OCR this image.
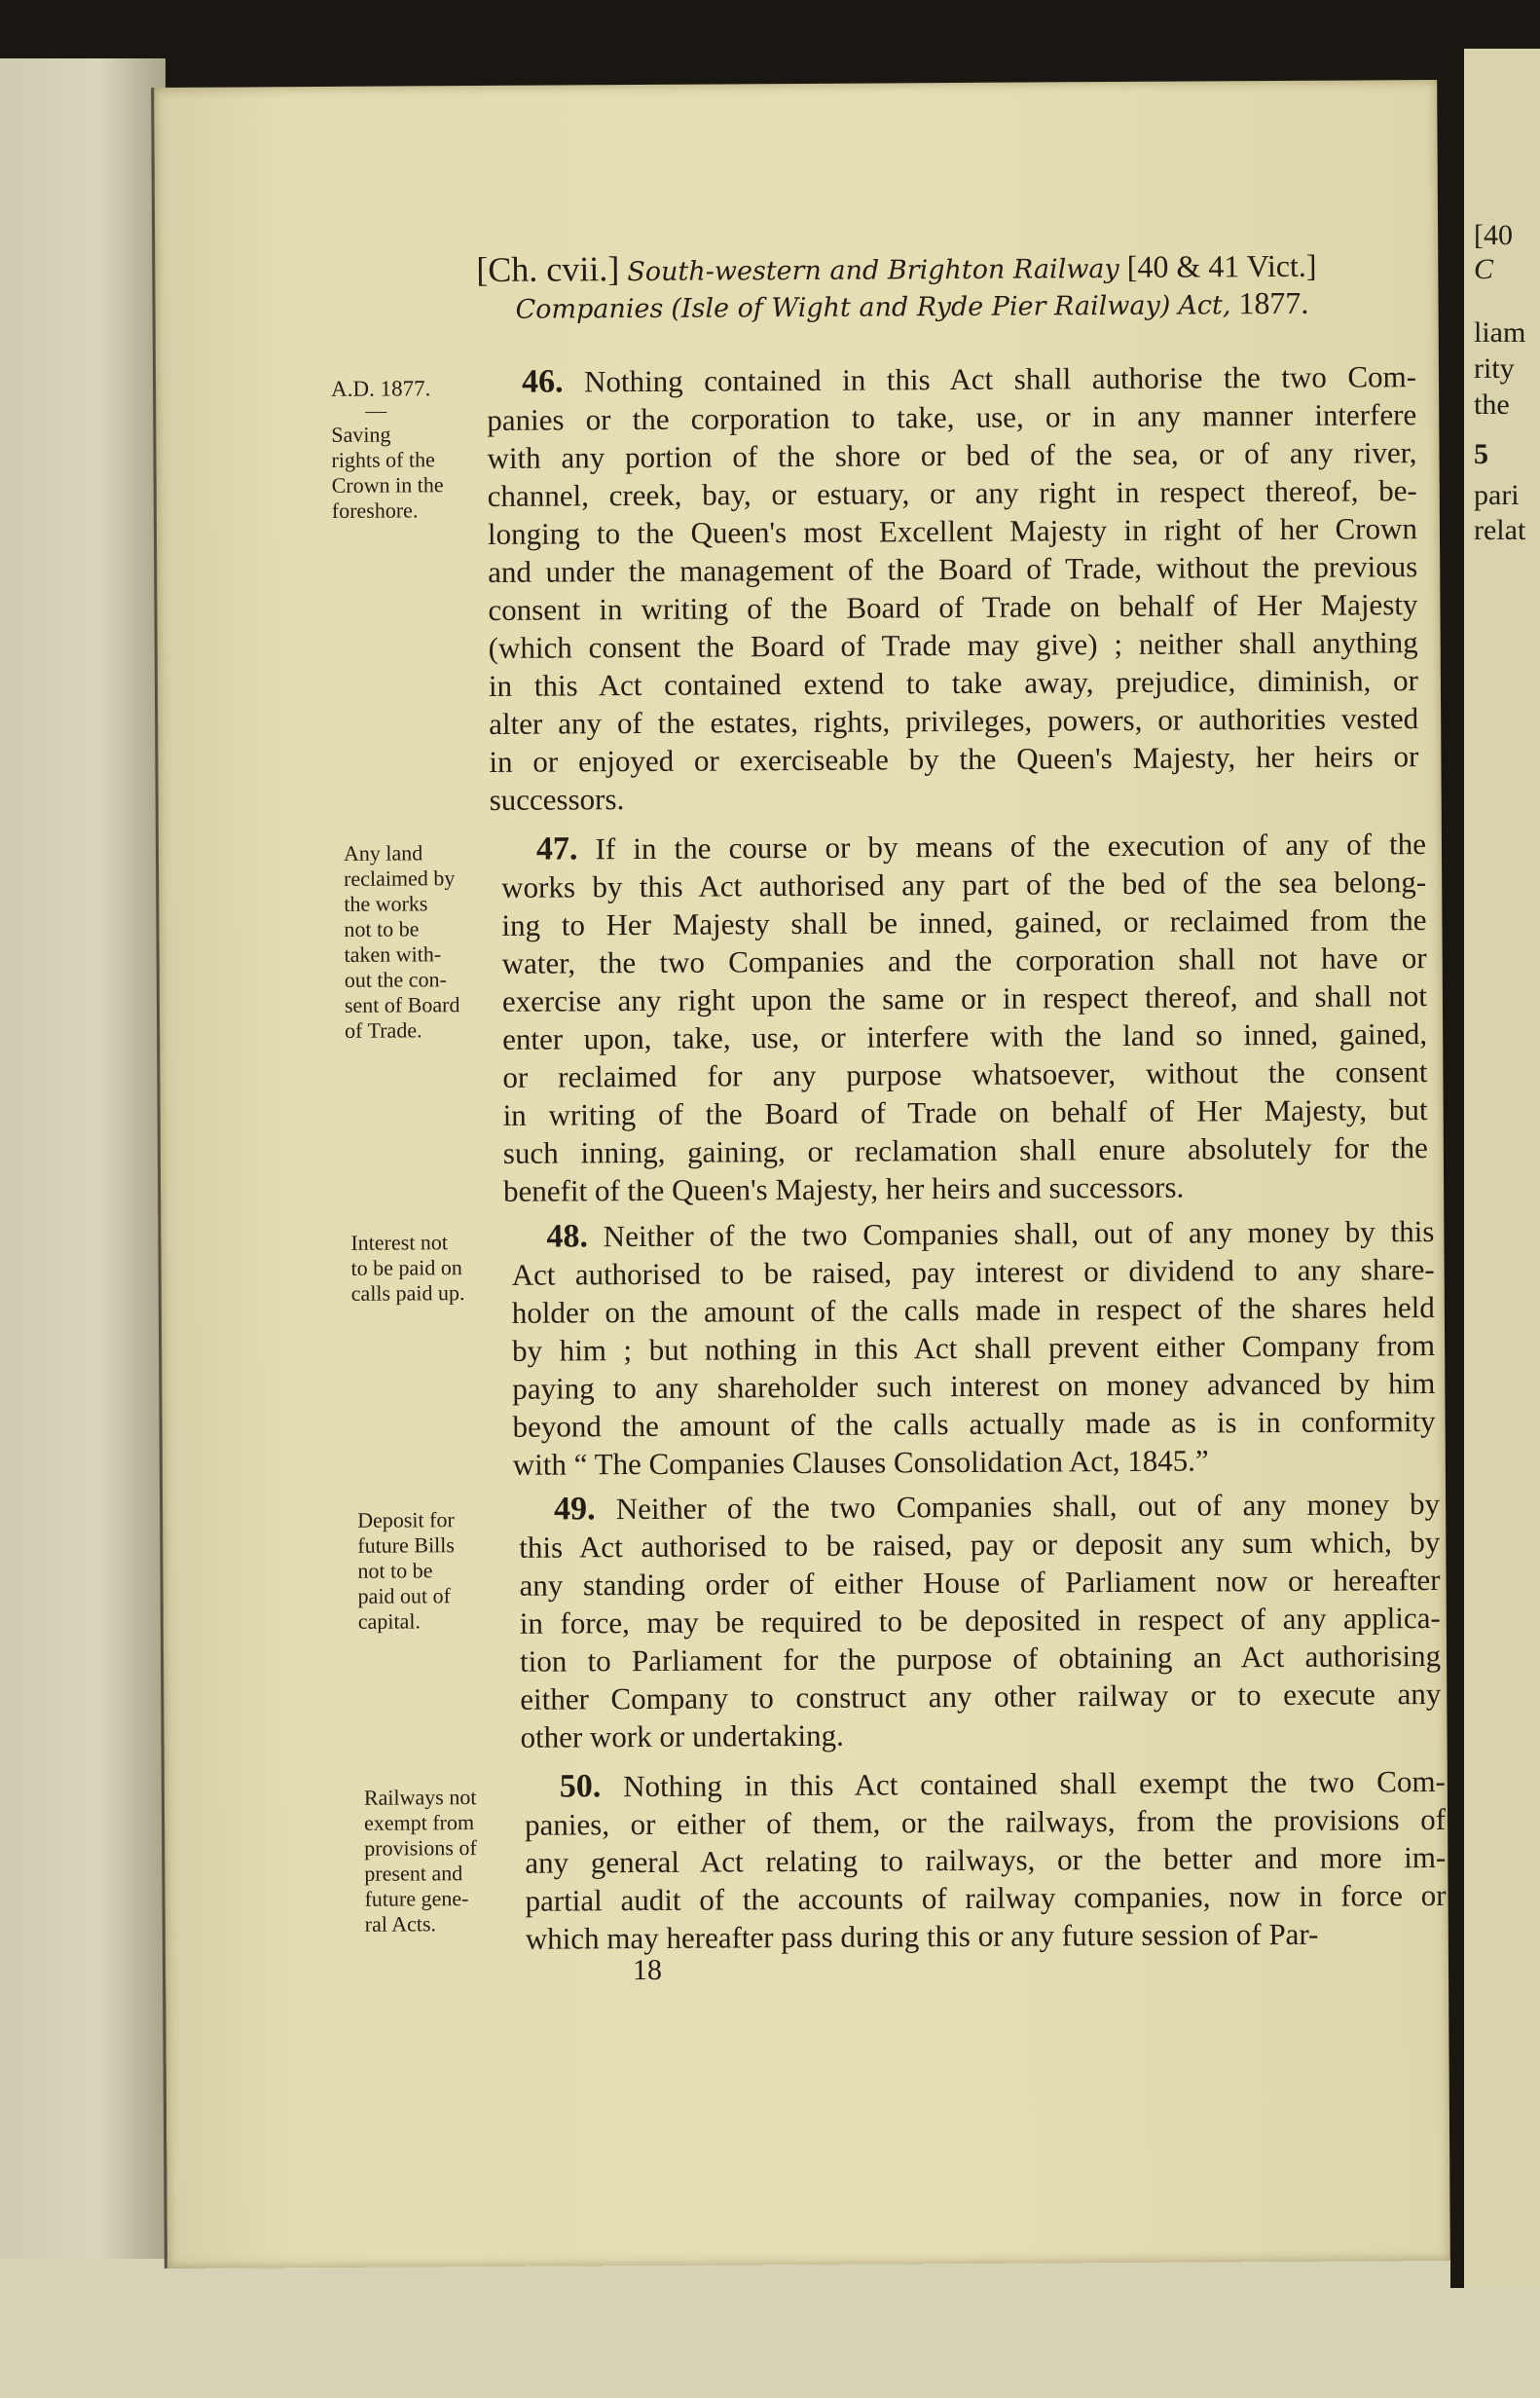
[40
C
liam
rity
the
5
pari
relat
[Ch. cvii.] South-western and Brighton Railway [40 & 41 Vict.]
Companies (Isle of Wight and Ryde Pier Railway) Act, 1877.
A.D. 1877.
—
46. Nothing contained in this Act shall authorise the two Com-
panies or the corporation to take, use, or in any manner interfere
with any portion of the shore or bed of the sea, or of any river,
channel, creek, bay, or estuary, or any right in respect thereof, be-
longing to the Queen's most Excellent Majesty in right of her Crown
and under the management of the Board of Trade, without the previous
consent in writing of the Board of Trade on behalf of Her Majesty
(which consent the Board of Trade may give) ; neither shall anything
in this Act contained extend to take away, prejudice, diminish, or
alter any of the estates, rights, privileges, powers, or authorities vested
in or enjoyed or exerciseable by the Queen's Majesty, her heirs or
successors.
Saving
rights of the
Crown in the
foreshore.
47. If in the course or by means of the execution of any of the
works by this Act authorised any part of the bed of the sea belong-
ing to Her Majesty shall be inned, gained, or reclaimed from the
water, the two Companies and the corporation shall not have or
exercise any right upon the same or in respect thereof, and shall not
enter upon, take, use, or interfere with the land so inned, gained,
or reclaimed for any purpose whatsoever, without the consent
in writing of the Board of Trade on behalf of Her Majesty, but
such inning, gaining, or reclamation shall enure absolutely for the
benefit of the Queen's Majesty, her heirs and successors.
Any land
reclaimed by
the works
not to be
taken with-
out the con-
sent of Board
of Trade.
48. Neither of the two Companies shall, out of any money by this
Act authorised to be raised, pay interest or dividend to any share-
holder on the amount of the calls made in respect of the shares held
by him ; but nothing in this Act shall prevent either Company from
paying to any shareholder such interest on money advanced by him
beyond the amount of the calls actually made as is in conformity
with “ The Companies Clauses Consolidation Act, 1845.”
Interest not
to be paid on
calls paid up.
49. Neither of the two Companies shall, out of any money by
this Act authorised to be raised, pay or deposit any sum which, by
any standing order of either House of Parliament now or hereafter
in force, may be required to be deposited in respect of any applica-
tion to Parliament for the purpose of obtaining an Act authorising
either Company to construct any other railway or to execute any
other work or undertaking.
Deposit for
future Bills
not to be
paid out of
capital.
50. Nothing in this Act contained shall exempt the two Com-
panies, or either of them, or the railways, from the provisions of
any general Act relating to railways, or the better and more im-
partial audit of the accounts of railway companies, now in force or
which may hereafter pass during this or any future session of Par-
Railways not
exempt from
provisions of
present and
future gene-
ral Acts.
18
